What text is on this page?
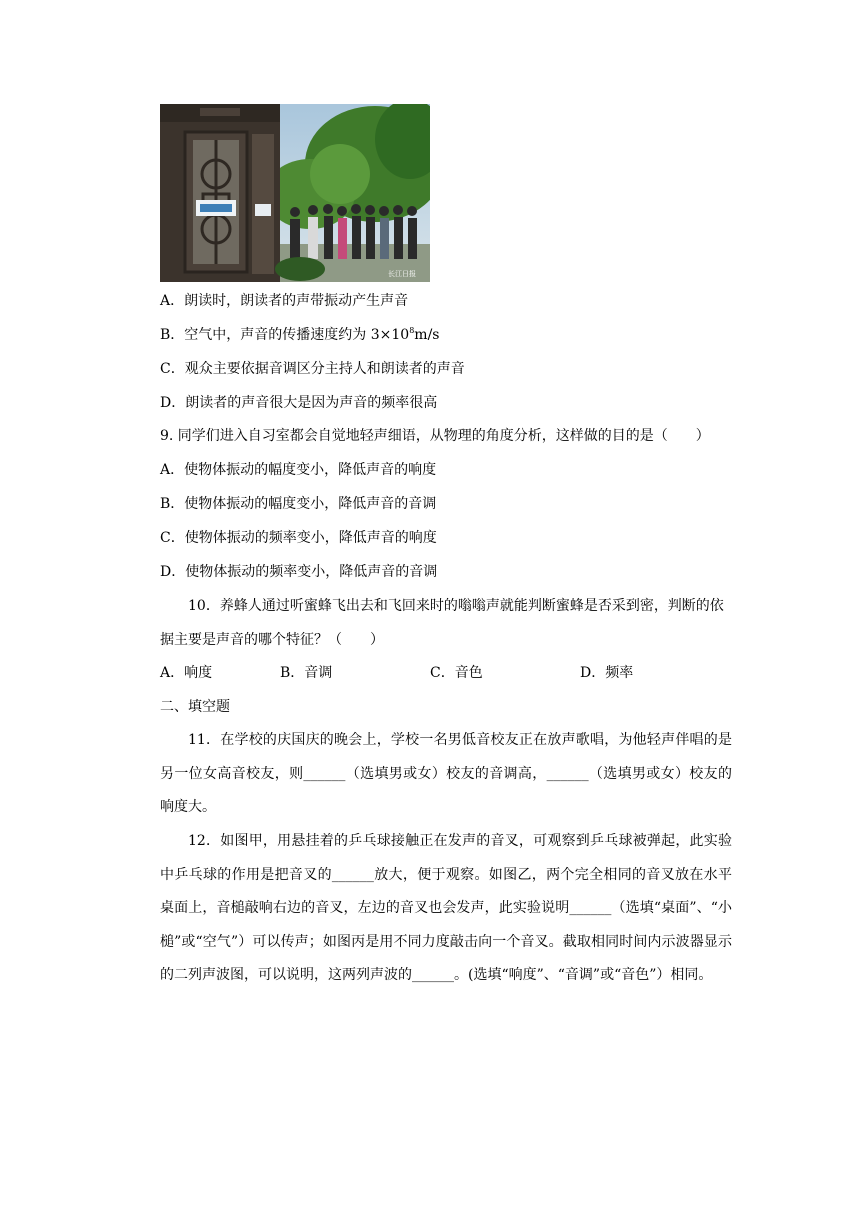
长江日报
A．朗读时，朗读者的声带振动产生声音
B．空气中，声音的传播速度约为 $3\times 10^8m/s$
C．观众主要依据音调区分主持人和朗读者的声音
D．朗读者的声音很大是因为声音的频率很高
9. 同学们进入自习室都会自觉地轻声细语，从物理的角度分析，这样做的目的是（　　）
A．使物体振动的幅度变小，降低声音的响度
B．使物体振动的幅度变小，降低声音的音调
C．使物体振动的频率变小，降低声音的响度
D．使物体振动的频率变小，降低声音的音调
10．养蜂人通过听蜜蜂飞出去和飞回来时的嗡嗡声就能判断蜜蜂是否采到密，判断的依
据主要是声音的哪个特征？（　　）
A．响度	B．音调	C．音色	D．频率
二、填空题
11．在学校的庆国庆的晚会上，学校一名男低音校友正在放声歌唱，为他轻声伴唱的是另一位女高音校友，则______（选填男或女）校友的音调高，______（选填男或女）校友的响度大。
12．如图甲，用悬挂着的乒乓球接触正在发声的音叉，可观察到乒乓球被弹起，此实验中乒乓球的作用是把音叉的______放大，便于观察。如图乙，两个完全相同的音叉放在水平桌面上，音槌敲响右边的音叉，左边的音叉也会发声，此实验说明______（选填“桌面”、“小槌”或“空气”）可以传声；如图丙是用不同力度敲击向一个音叉。截取相同时间内示波器显示的二列声波图，可以说明，这两列声波的______。(选填“响度”、“音调”或“音色”）相同。
